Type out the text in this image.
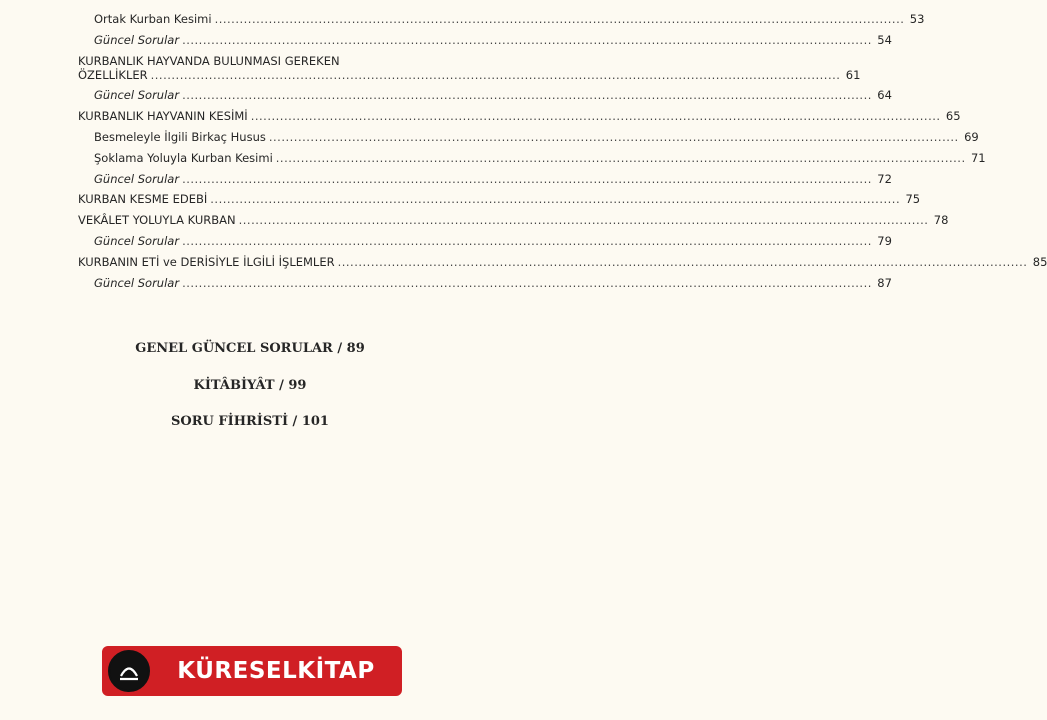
Ortak Kurban Kesimi ...................................................................................................................................................................... 53
Güncel Sorular ...................................................................................................................................................................... 54
KURBANLIK HAYVANDA BULUNMASI GEREKEN
ÖZELLİKLER ...................................................................................................................................................................... 61
Güncel Sorular ...................................................................................................................................................................... 64
KURBANLIK HAYVANIN KESİMİ ...................................................................................................................................................................... 65
Besmeleyle İlgili Birkaç Husus ...................................................................................................................................................................... 69
Şoklama Yoluyla Kurban Kesimi ...................................................................................................................................................................... 71
Güncel Sorular ...................................................................................................................................................................... 72
KURBAN KESME EDEBİ ...................................................................................................................................................................... 75
VEKÂLET YOLUYLA KURBAN ...................................................................................................................................................................... 78
Güncel Sorular ...................................................................................................................................................................... 79
KURBANIN ETİ ve DERİSİYLE İLGİLİ İŞLEMLER ...................................................................................................................................................................... 85
Güncel Sorular ...................................................................................................................................................................... 87
GENEL GÜNCEL SORULAR / 89
KİTÂBİYÂT / 99
SORU FİHRİSTİ / 101
KÜRESELKİTAP
